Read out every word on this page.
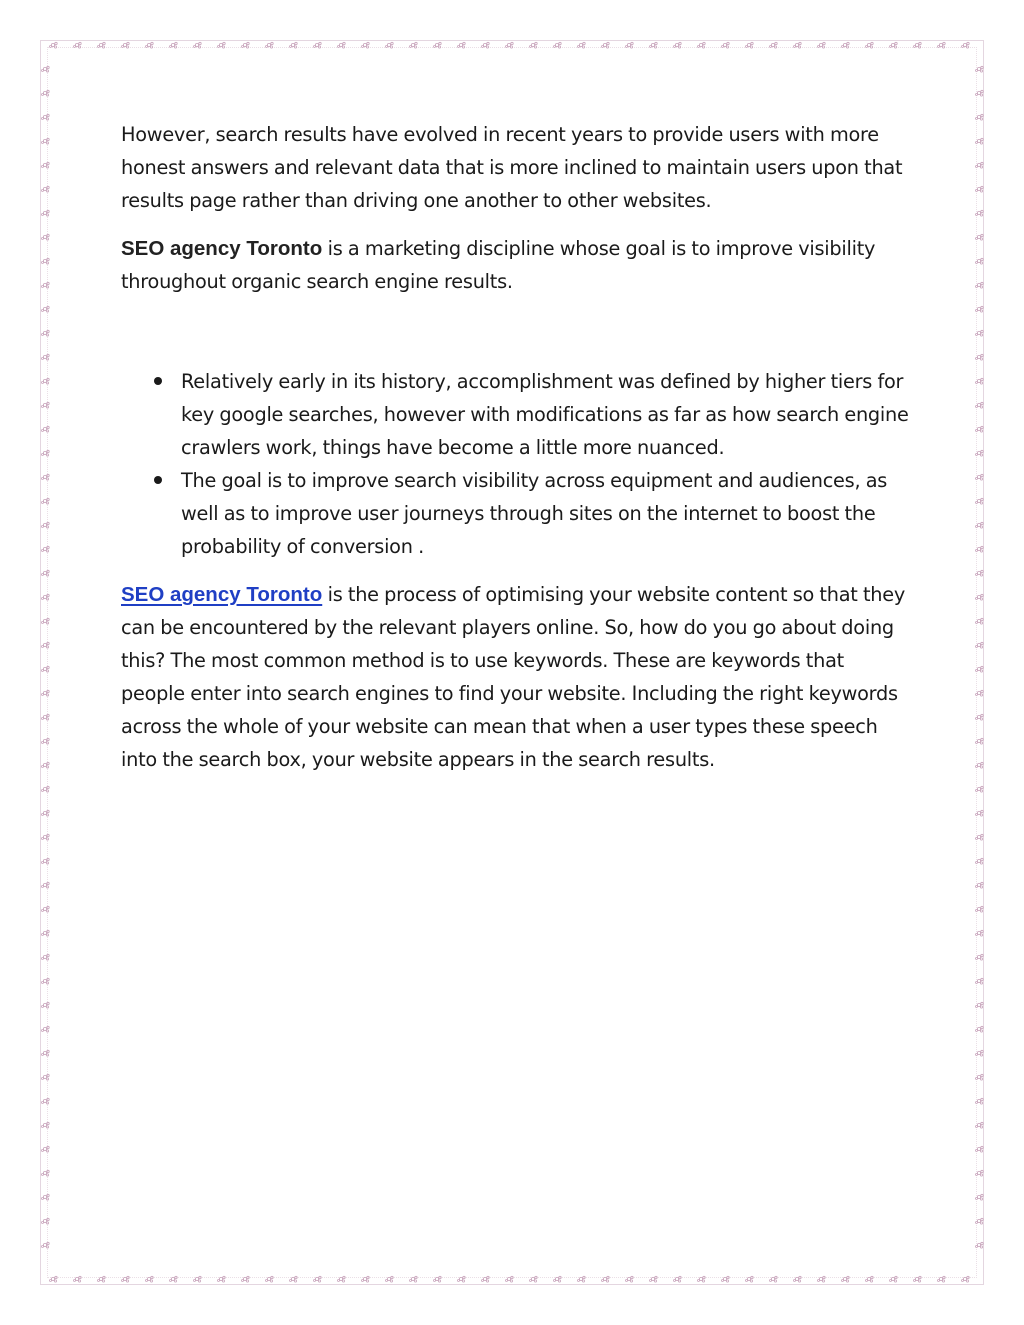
However, search results have evolved in recent years to provide users with more honest answers and relevant data that is more inclined to maintain users upon that results page rather than driving one another to other websites.

SEO agency Toronto is a marketing discipline whose goal is to improve visibility throughout organic search engine results.

Relatively early in its history, accomplishment was defined by higher tiers for key google searches, however with modifications as far as how search engine crawlers work, things have become a little more nuanced.
The goal is to improve search visibility across equipment and audiences, as well as to improve user journeys through sites on the internet to boost the probability of conversion .

SEO agency Toronto is the process of optimising your website content so that they can be encountered by the relevant players online. So, how do you go about doing this? The most common method is to use keywords. These are keywords that people enter into search engines to find your website. Including the right keywords across the whole of your website can mean that when a user types these speech into the search box, your website appears in the search results.
